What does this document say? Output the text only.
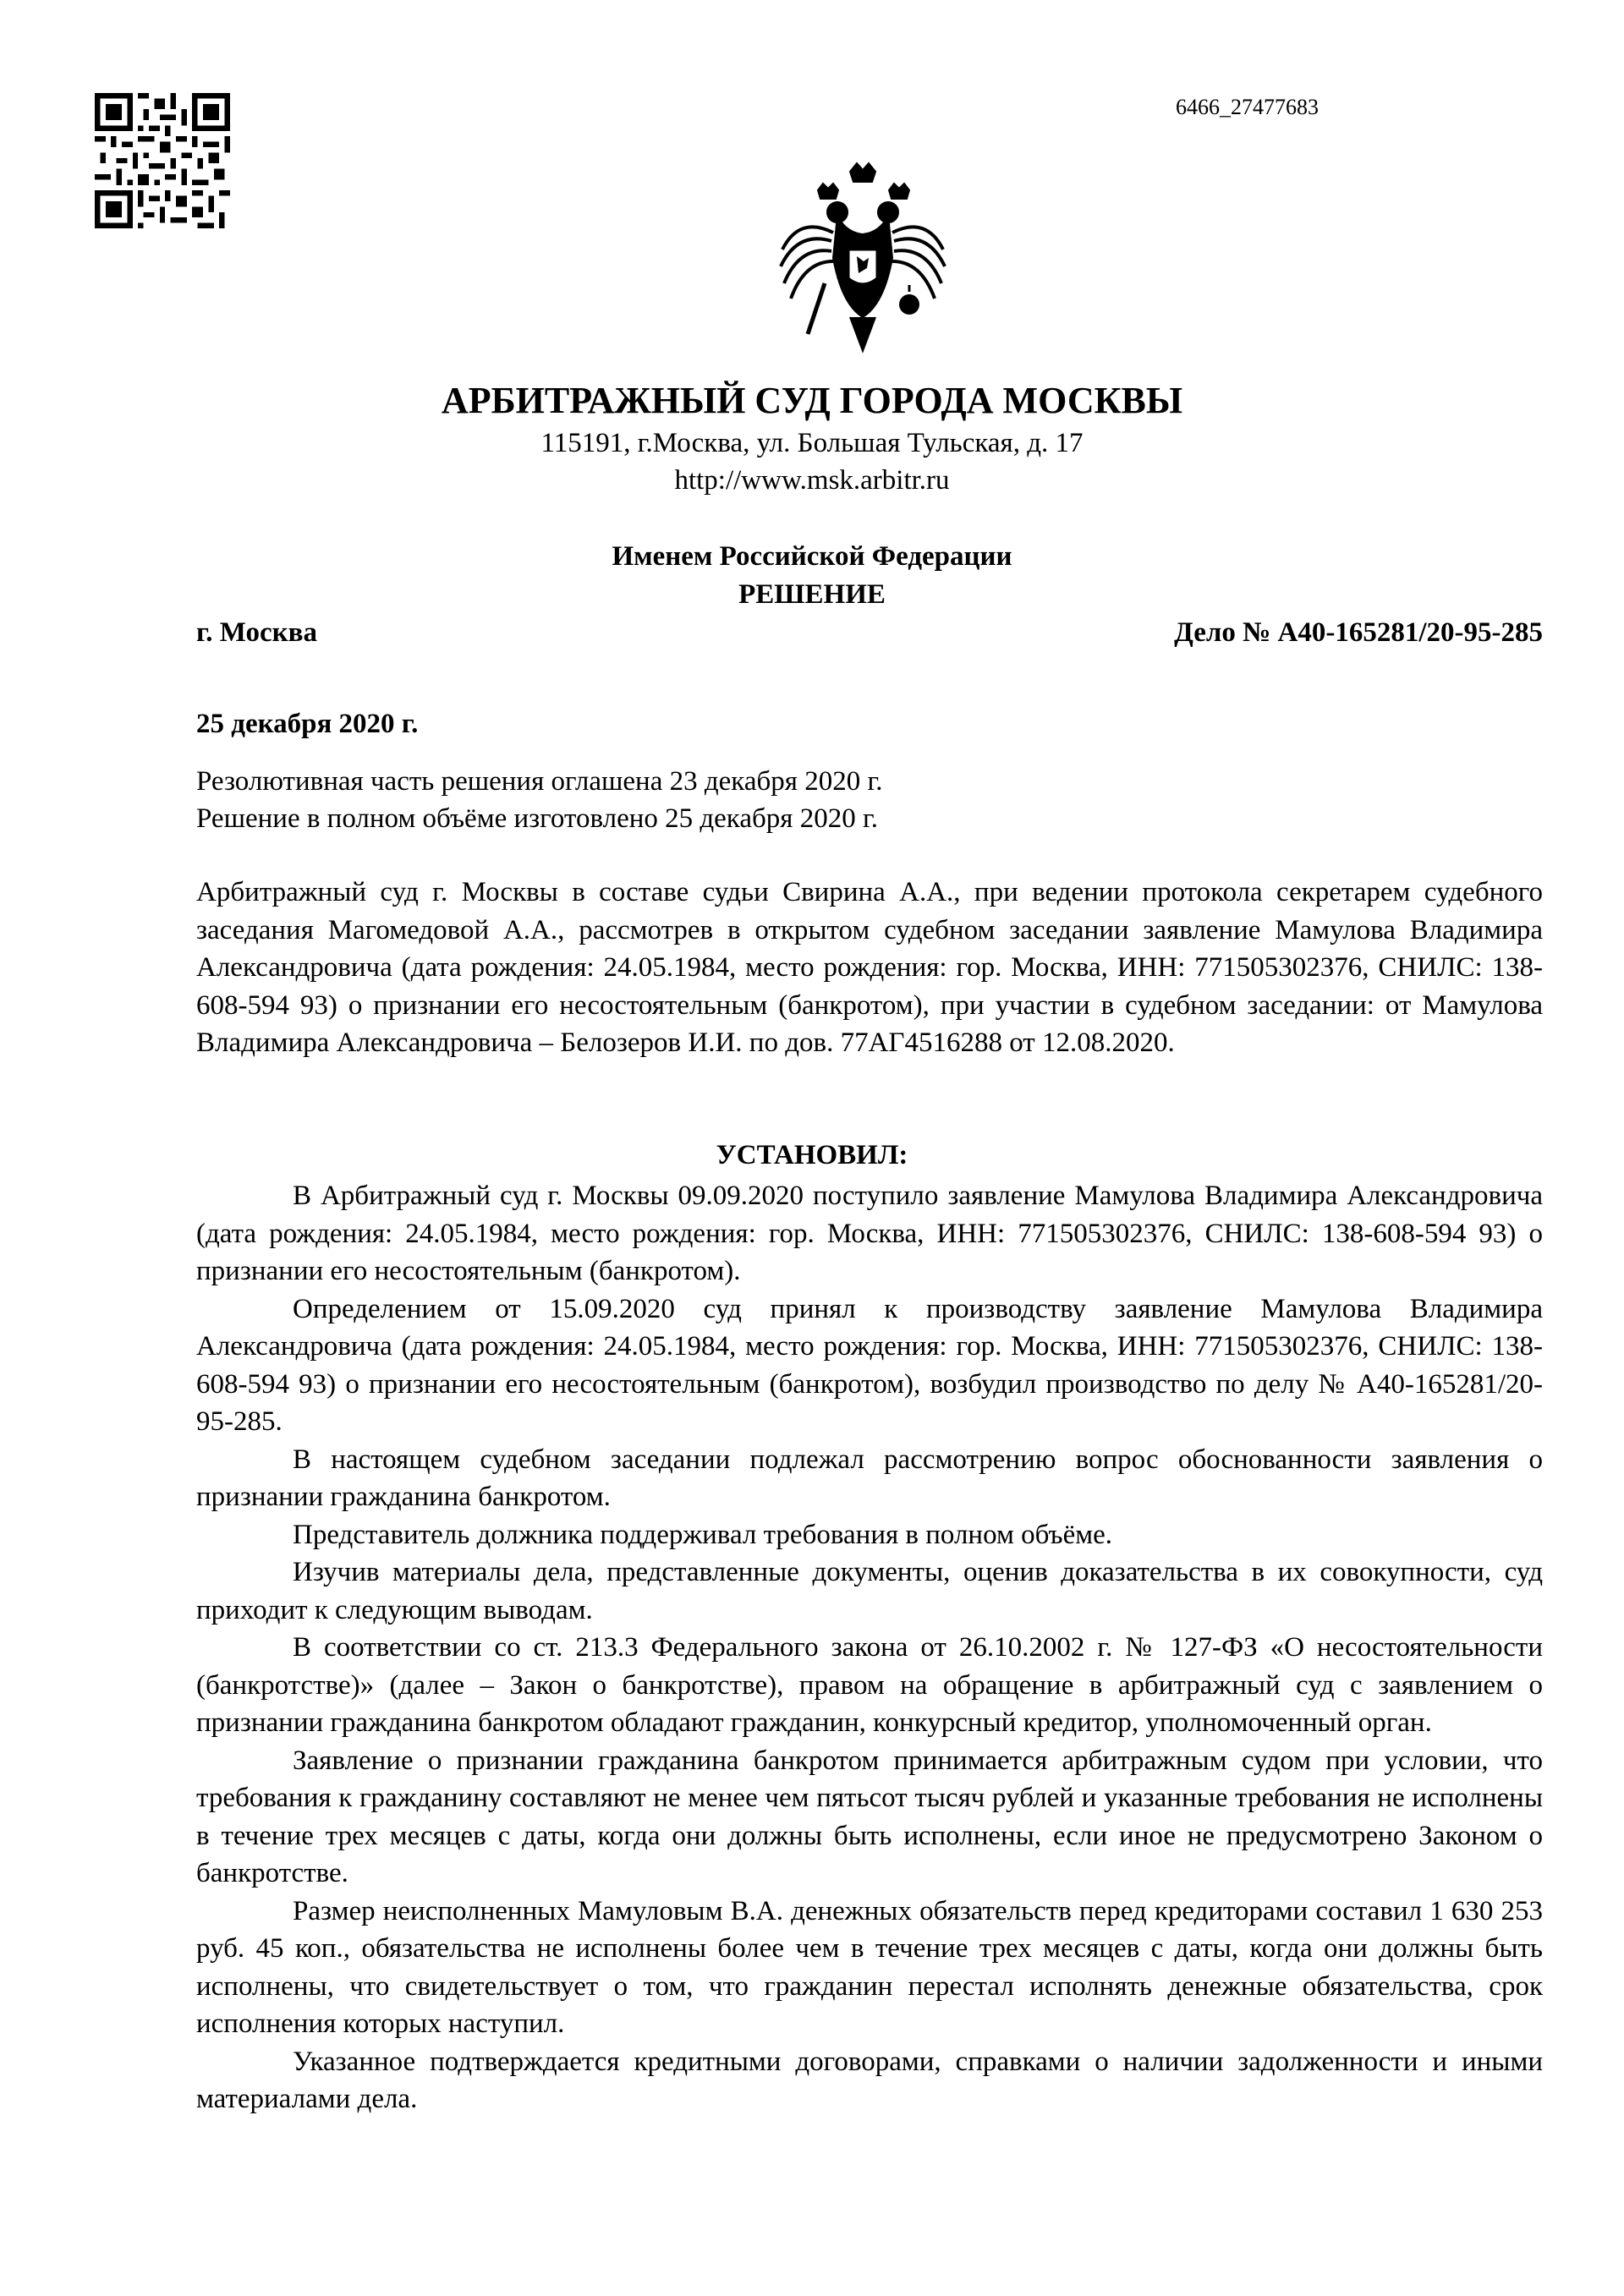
6466_27477683
АРБИТРАЖНЫЙ СУД ГОРОДА МОСКВЫ
115191, г.Москва, ул. Большая Тульская, д. 17
http://www.msk.arbitr.ru
Именем Российской Федерации
РЕШЕНИЕ
г. Москва	Дело № А40-165281/20-95-285
25 декабря 2020 г.
Резолютивная часть решения оглашена 23 декабря 2020 г.
Решение в полном объёме изготовлено 25 декабря 2020 г.

Арбитражный суд г. Москвы в составе судьи Свирина А.А., при ведении протокола секретарем судебного заседания Магомедовой А.А., рассмотрев в открытом судебном заседании заявление Мамулова Владимира Александровича (дата рождения: 24.05.1984, место рождения: гор. Москва, ИНН: 771505302376, СНИЛС: 138-608-594 93) о признании его несостоятельным (банкротом), при участии в судебном заседании: от Мамулова Владимира Александровича – Белозеров И.И. по дов. 77АГ4516288 от 12.08.2020.

УСТАНОВИЛ:

В Арбитражный суд г. Москвы 09.09.2020 поступило заявление Мамулова Владимира Александровича (дата рождения: 24.05.1984, место рождения: гор. Москва, ИНН: 771505302376, СНИЛС: 138-608-594 93) о признании его несостоятельным (банкротом).

Определением от 15.09.2020 суд принял к производству заявление Мамулова Владимира Александровича (дата рождения: 24.05.1984, место рождения: гор. Москва, ИНН: 771505302376, СНИЛС: 138-608-594 93) о признании его несостоятельным (банкротом), возбудил производство по делу № А40-165281/20-95-285.

В настоящем судебном заседании подлежал рассмотрению вопрос обоснованности заявления о признании гражданина банкротом.

Представитель должника поддерживал требования в полном объёме.

Изучив материалы дела, представленные документы, оценив доказательства в их совокупности, суд приходит к следующим выводам.

В соответствии со ст. 213.3 Федерального закона от 26.10.2002 г. № 127-ФЗ «О несостоятельности (банкротстве)» (далее – Закон о банкротстве), правом на обращение в арбитражный суд с заявлением о признании гражданина банкротом обладают гражданин, конкурсный кредитор, уполномоченный орган.

Заявление о признании гражданина банкротом принимается арбитражным судом при условии, что требования к гражданину составляют не менее чем пятьсот тысяч рублей и указанные требования не исполнены в течение трех месяцев с даты, когда они должны быть исполнены, если иное не предусмотрено Законом о банкротстве.

Размер неисполненных Мамуловым В.А. денежных обязательств перед кредиторами составил 1 630 253 руб. 45 коп., обязательства не исполнены более чем в течение трех месяцев с даты, когда они должны быть исполнены, что свидетельствует о том, что гражданин перестал исполнять денежные обязательства, срок исполнения которых наступил.

Указанное подтверждается кредитными договорами, справками о наличии задолженности и иными материалами дела.
